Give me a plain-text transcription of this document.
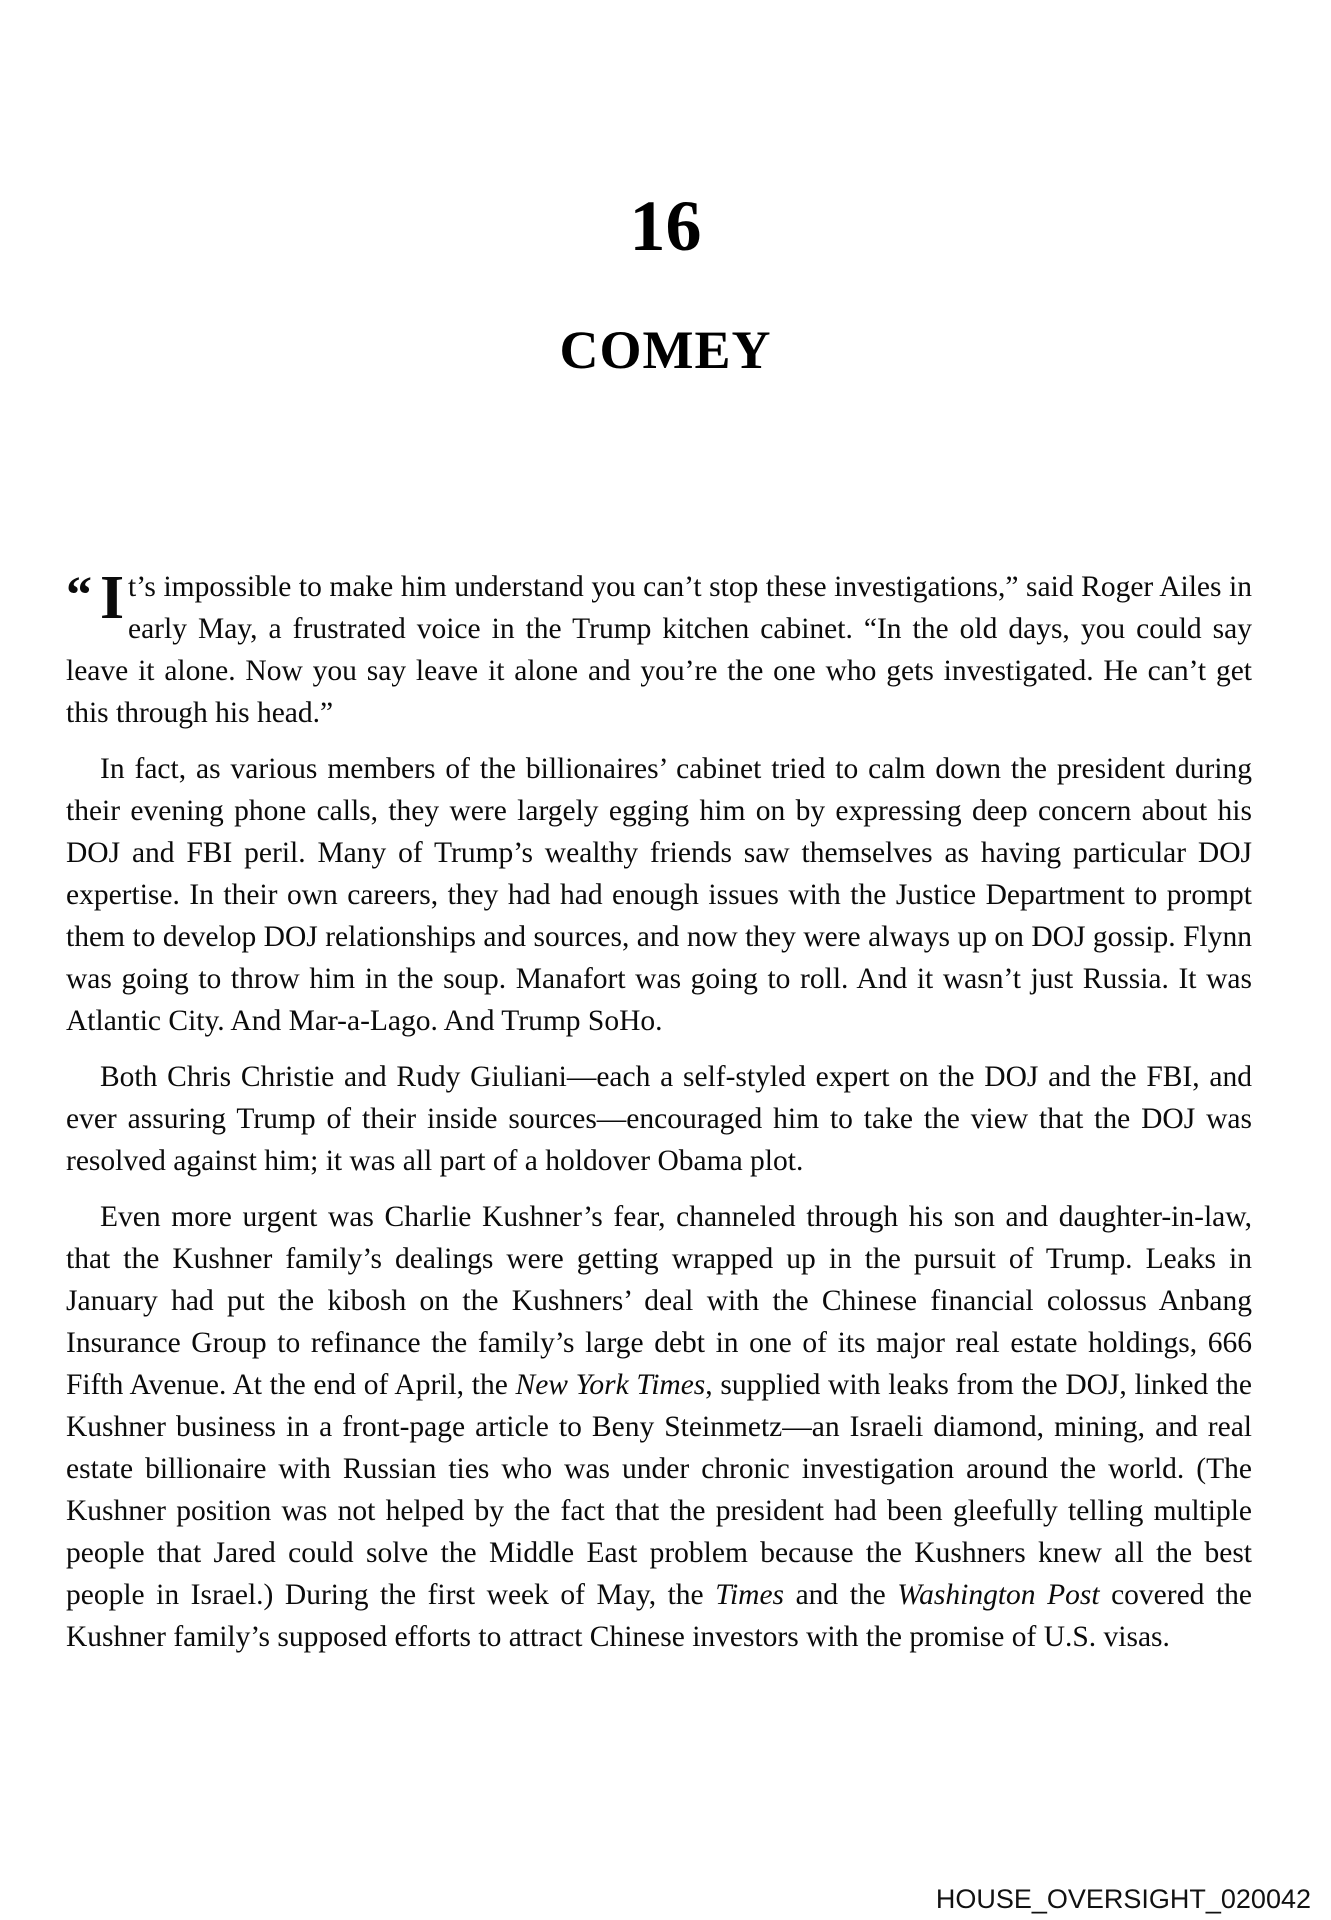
16
COMEY

“ I t’s impossible to make him understand you can’t stop these investigations,” said Roger Ailes in early May, a frustrated voice in the Trump kitchen cabinet. “In the old days, you could say leave it alone. Now you say leave it alone and you’re the one who gets investigated. He can’t get this through his head.”

In fact, as various members of the billionaires’ cabinet tried to calm down the president during their evening phone calls, they were largely egging him on by expressing deep concern about his DOJ and FBI peril. Many of Trump’s wealthy friends saw themselves as having particular DOJ expertise. In their own careers, they had had enough issues with the Justice Department to prompt them to develop DOJ relationships and sources, and now they were always up on DOJ gossip. Flynn was going to throw him in the soup. Manafort was going to roll. And it wasn’t just Russia. It was Atlantic City. And Mar-a-Lago. And Trump SoHo.

Both Chris Christie and Rudy Giuliani—each a self-styled expert on the DOJ and the FBI, and ever assuring Trump of their inside sources—encouraged him to take the view that the DOJ was resolved against him; it was all part of a holdover Obama plot.

Even more urgent was Charlie Kushner’s fear, channeled through his son and daughter-in-law, that the Kushner family’s dealings were getting wrapped up in the pursuit of Trump. Leaks in January had put the kibosh on the Kushners’ deal with the Chinese financial colossus Anbang Insurance Group to refinance the family’s large debt in one of its major real estate holdings, 666 Fifth Avenue. At the end of April, the New York Times, supplied with leaks from the DOJ, linked the Kushner business in a front-page article to Beny Steinmetz—an Israeli diamond, mining, and real estate billionaire with Russian ties who was under chronic investigation around the world. (The Kushner position was not helped by the fact that the president had been gleefully telling multiple people that Jared could solve the Middle East problem because the Kushners knew all the best people in Israel.) During the first week of May, the Times and the Washington Post covered the Kushner family’s supposed efforts to attract Chinese investors with the promise of U.S. visas.

HOUSE_OVERSIGHT_020042
